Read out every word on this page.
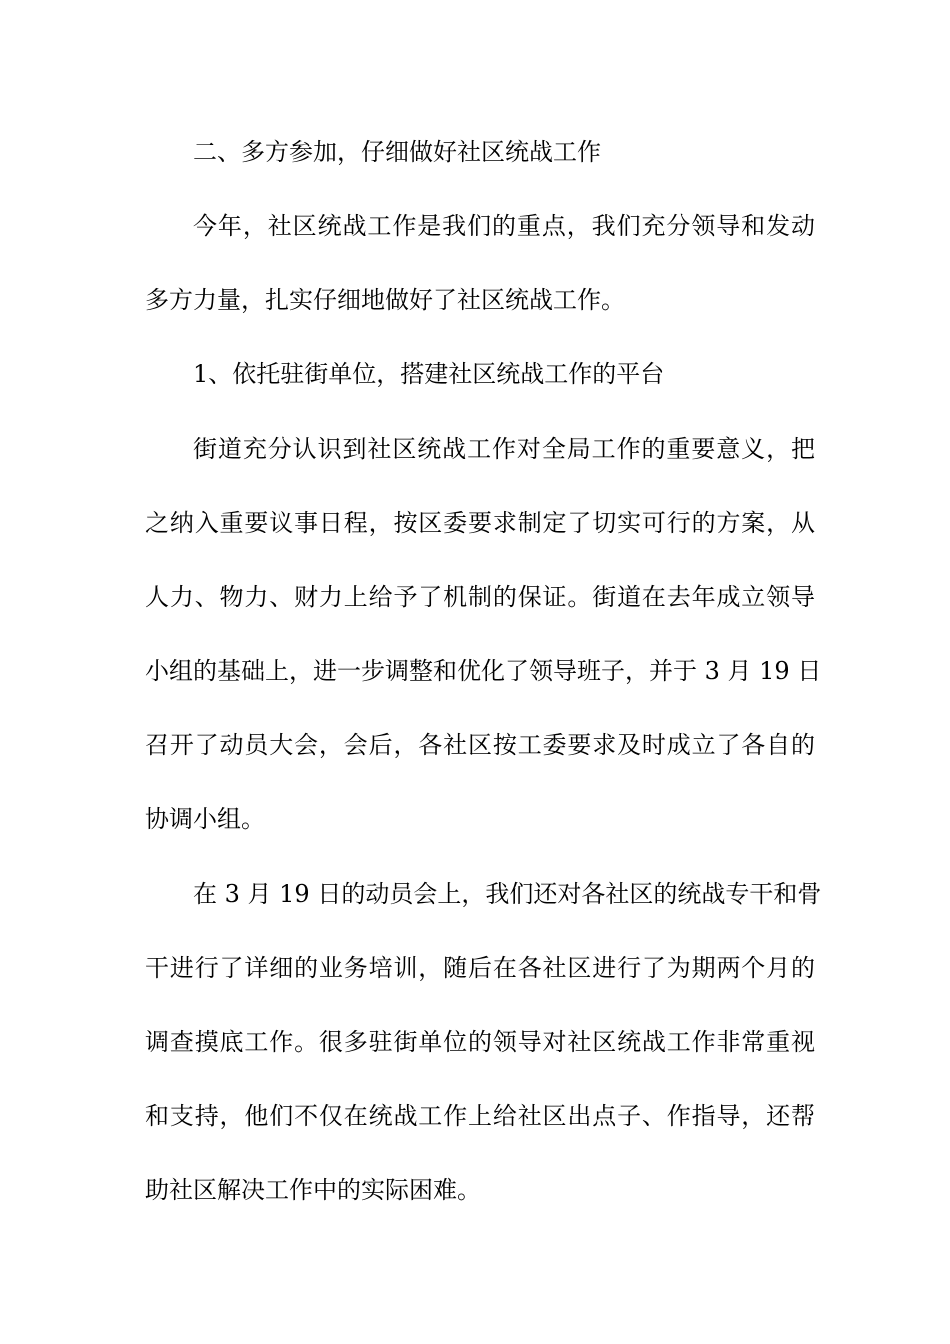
二、多方参加，仔细做好社区统战工作

今年，社区统战工作是我们的重点，我们充分领导和发动

多方力量，扎实仔细地做好了社区统战工作。

1、依托驻街单位，搭建社区统战工作的平台

街道充分认识到社区统战工作对全局工作的重要意义，把

之纳入重要议事日程，按区委要求制定了切实可行的方案，从

人力、物力、财力上给予了机制的保证。街道在去年成立领导

小组的基础上，进一步调整和优化了领导班子，并于 3 月 19 日

召开了动员大会，会后，各社区按工委要求及时成立了各自的

协调小组。

在 3 月 19 日的动员会上，我们还对各社区的统战专干和骨

干进行了详细的业务培训，随后在各社区进行了为期两个月的

调查摸底工作。很多驻街单位的领导对社区统战工作非常重视

和支持，他们不仅在统战工作上给社区出点子、作指导，还帮

助社区解决工作中的实际困难。
